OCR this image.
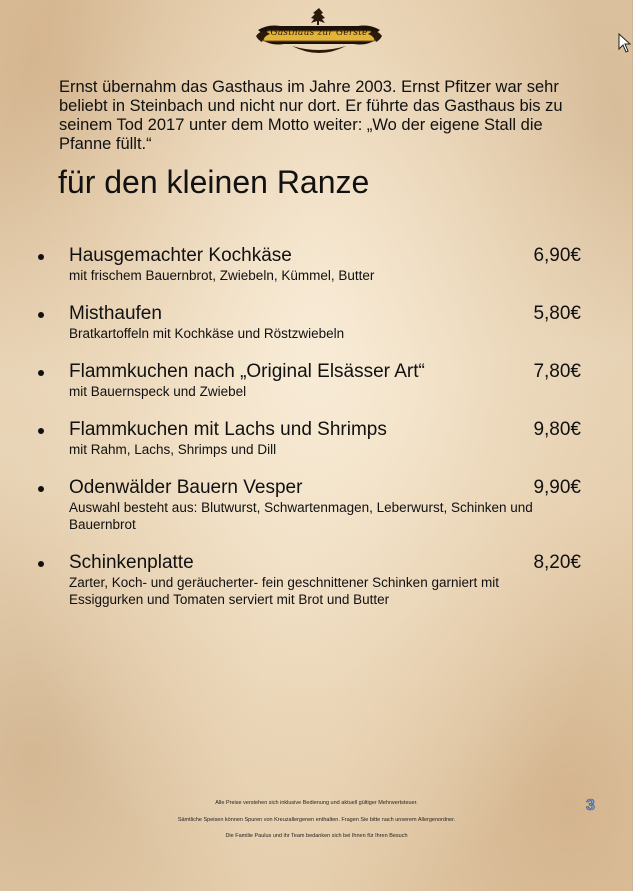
Gasthaus zur Gerste

Ernst übernahm das Gasthaus im Jahre 2003. Ernst Pfitzer war sehr beliebt in Steinbach und nicht nur dort. Er führte das Gasthaus bis zu seinem Tod 2017 unter dem Motto weiter: „Wo der eigene Stall die Pfanne füllt.“

für den kleinen Ranze
Hausgemachter Kochkäse	6,90€
mit frischem Bauernbrot, Zwiebeln, Kümmel, Butter
Misthaufen	5,80€
Bratkartoffeln mit Kochkäse und Röstzwiebeln
Flammkuchen nach „Original Elsässer Art“	7,80€
mit Bauernspeck und Zwiebel
Flammkuchen mit Lachs und Shrimps	9,80€
mit Rahm, Lachs, Shrimps und Dill
Odenwälder Bauern Vesper	9,90€
Auswahl besteht aus: Blutwurst, Schwartenmagen, Leberwurst, Schinken und Bauernbrot
Schinkenplatte	8,20€
Zarter, Koch- und geräucherter- fein geschnittener Schinken garniert mit Essiggurken und Tomaten serviert mit Brot und Butter
Alle Preise verstehen sich inklusive Bedienung und aktuell gültiger Mehrwertsteuer.
Sämtliche Speisen können Spuren von Kreuzallergenen enthalten. Fragen Sie bitte nach unserem Allergenordner.
Die Familie Paulus und ihr Team bedanken sich bei Ihnen für Ihren Besuch
3
